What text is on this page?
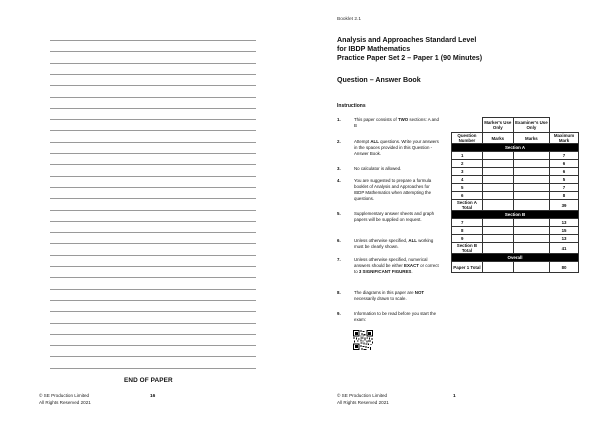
END OF PAPER
© SE Production Limited
All Rights Reserved 2021
16
Booklet 2.1
Analysis and Approaches Standard Level
for IBDP Mathematics
Practice Paper Set 2 – Paper 1 (90 Minutes)
Question – Answer Book
Instructions
1.	This paper consists of TWO sections: A and B
2.	Attempt ALL questions. Write your answers in the spaces provided in this Question - Answer Book.
3.	No calculator is allowed.
4.	You are suggested to prepare a formula booklet of Analysis and Approaches for IBDP Mathematics when attempting the questions.
5.	Supplementary answer sheets and graph papers will be supplied on request.
6.	Unless otherwise specified, ALL working must be clearly shown.
7.	Unless otherwise specified, numerical answers should be either EXACT or correct to 3 SIGNIFICANT FIGURES.
8.	The diagrams in this paper are NOT necessarily drawn to scale.
9.	Information to be read before you start the exam:
	Marker's Use Only	Examiner's Use Only	
Question Number	Marks	Marks	Maximum Mark
Section A			
1			7
2			6
3			6
4			5
5			7
6			8
Section A Total			39
Section B			
7			13
8			15
9			13
Section B Total			41
Overall			
Paper 1 Total			80
© SE Production Limited
All Rights Reserved 2021
1
